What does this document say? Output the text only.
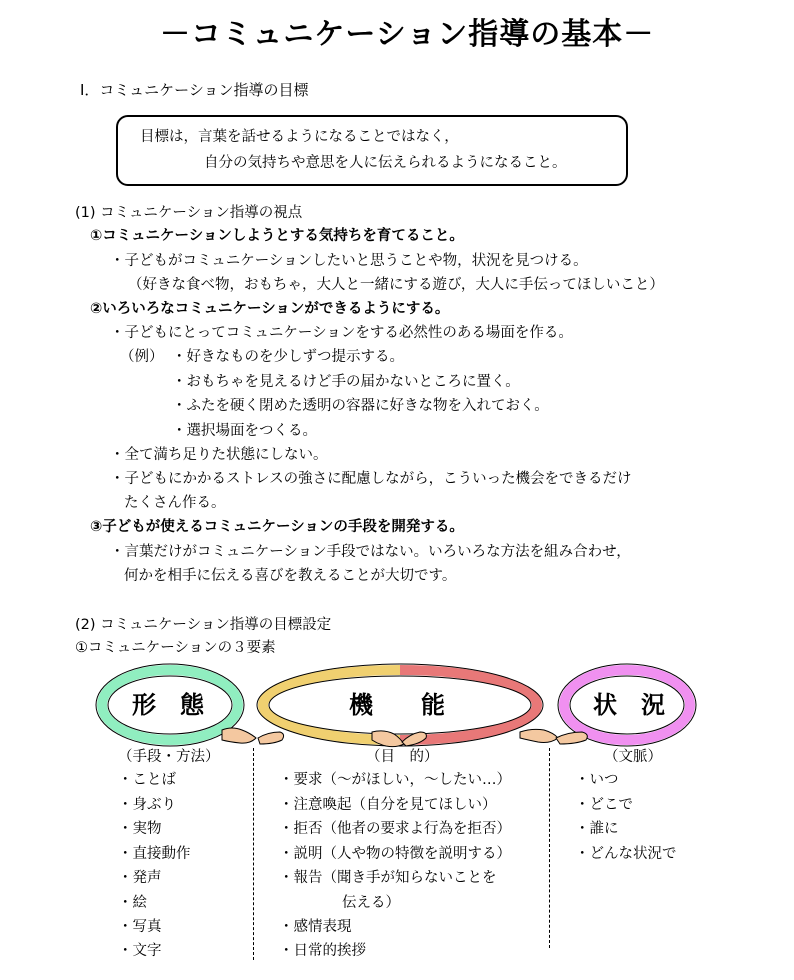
－コミュニケーション指導の基本－
Ⅰ．コミュニケーション指導の目標
目標は，言葉を話せるようになることではなく，
自分の気持ちや意思を人に伝えられるようになること。
(1) コミュニケーション指導の視点
①コミュニケーションしようとする気持ちを育てること。
・子どもがコミュニケーションしたいと思うことや物，状況を見つける。
（好きな食べ物，おもちゃ，大人と一緒にする遊び，大人に手伝ってほしいこと）
②いろいろなコミュニケーションができるようにする。
・子どもにとってコミュニケーションをする必然性のある場面を作る。
（例） ・好きなものを少しずつ提示する。
・おもちゃを見えるけど手の届かないところに置く。
・ふたを硬く閉めた透明の容器に好きな物を入れておく。
・選択場面をつくる。
・全て満ち足りた状態にしない。
・子どもにかかるストレスの強さに配慮しながら，こういった機会をできるだけ
たくさん作る。
③子どもが使えるコミュニケーションの手段を開発する。
・言葉だけがコミュニケーション手段ではない。いろいろな方法を組み合わせ，
何かを相手に伝える喜びを教えることが大切です。
(2) コミュニケーション指導の目標設定
①コミュニケーションの３要素
形　態	機　　能	状　況
（手段・方法）	（目　的）	（文脈）
・ことば
・身ぶり
・実物
・直接動作
・発声
・絵
・写真
・文字
・要求（～がほしい，～したい…）
・注意喚起（自分を見てほしい）
・拒否（他者の要求よ行為を拒否）
・説明（人や物の特徴を説明する）
・報告（聞き手が知らないことを
伝える）
・感情表現
・日常的挨拶
・いつ
・どこで
・誰に
・どんな状況で
